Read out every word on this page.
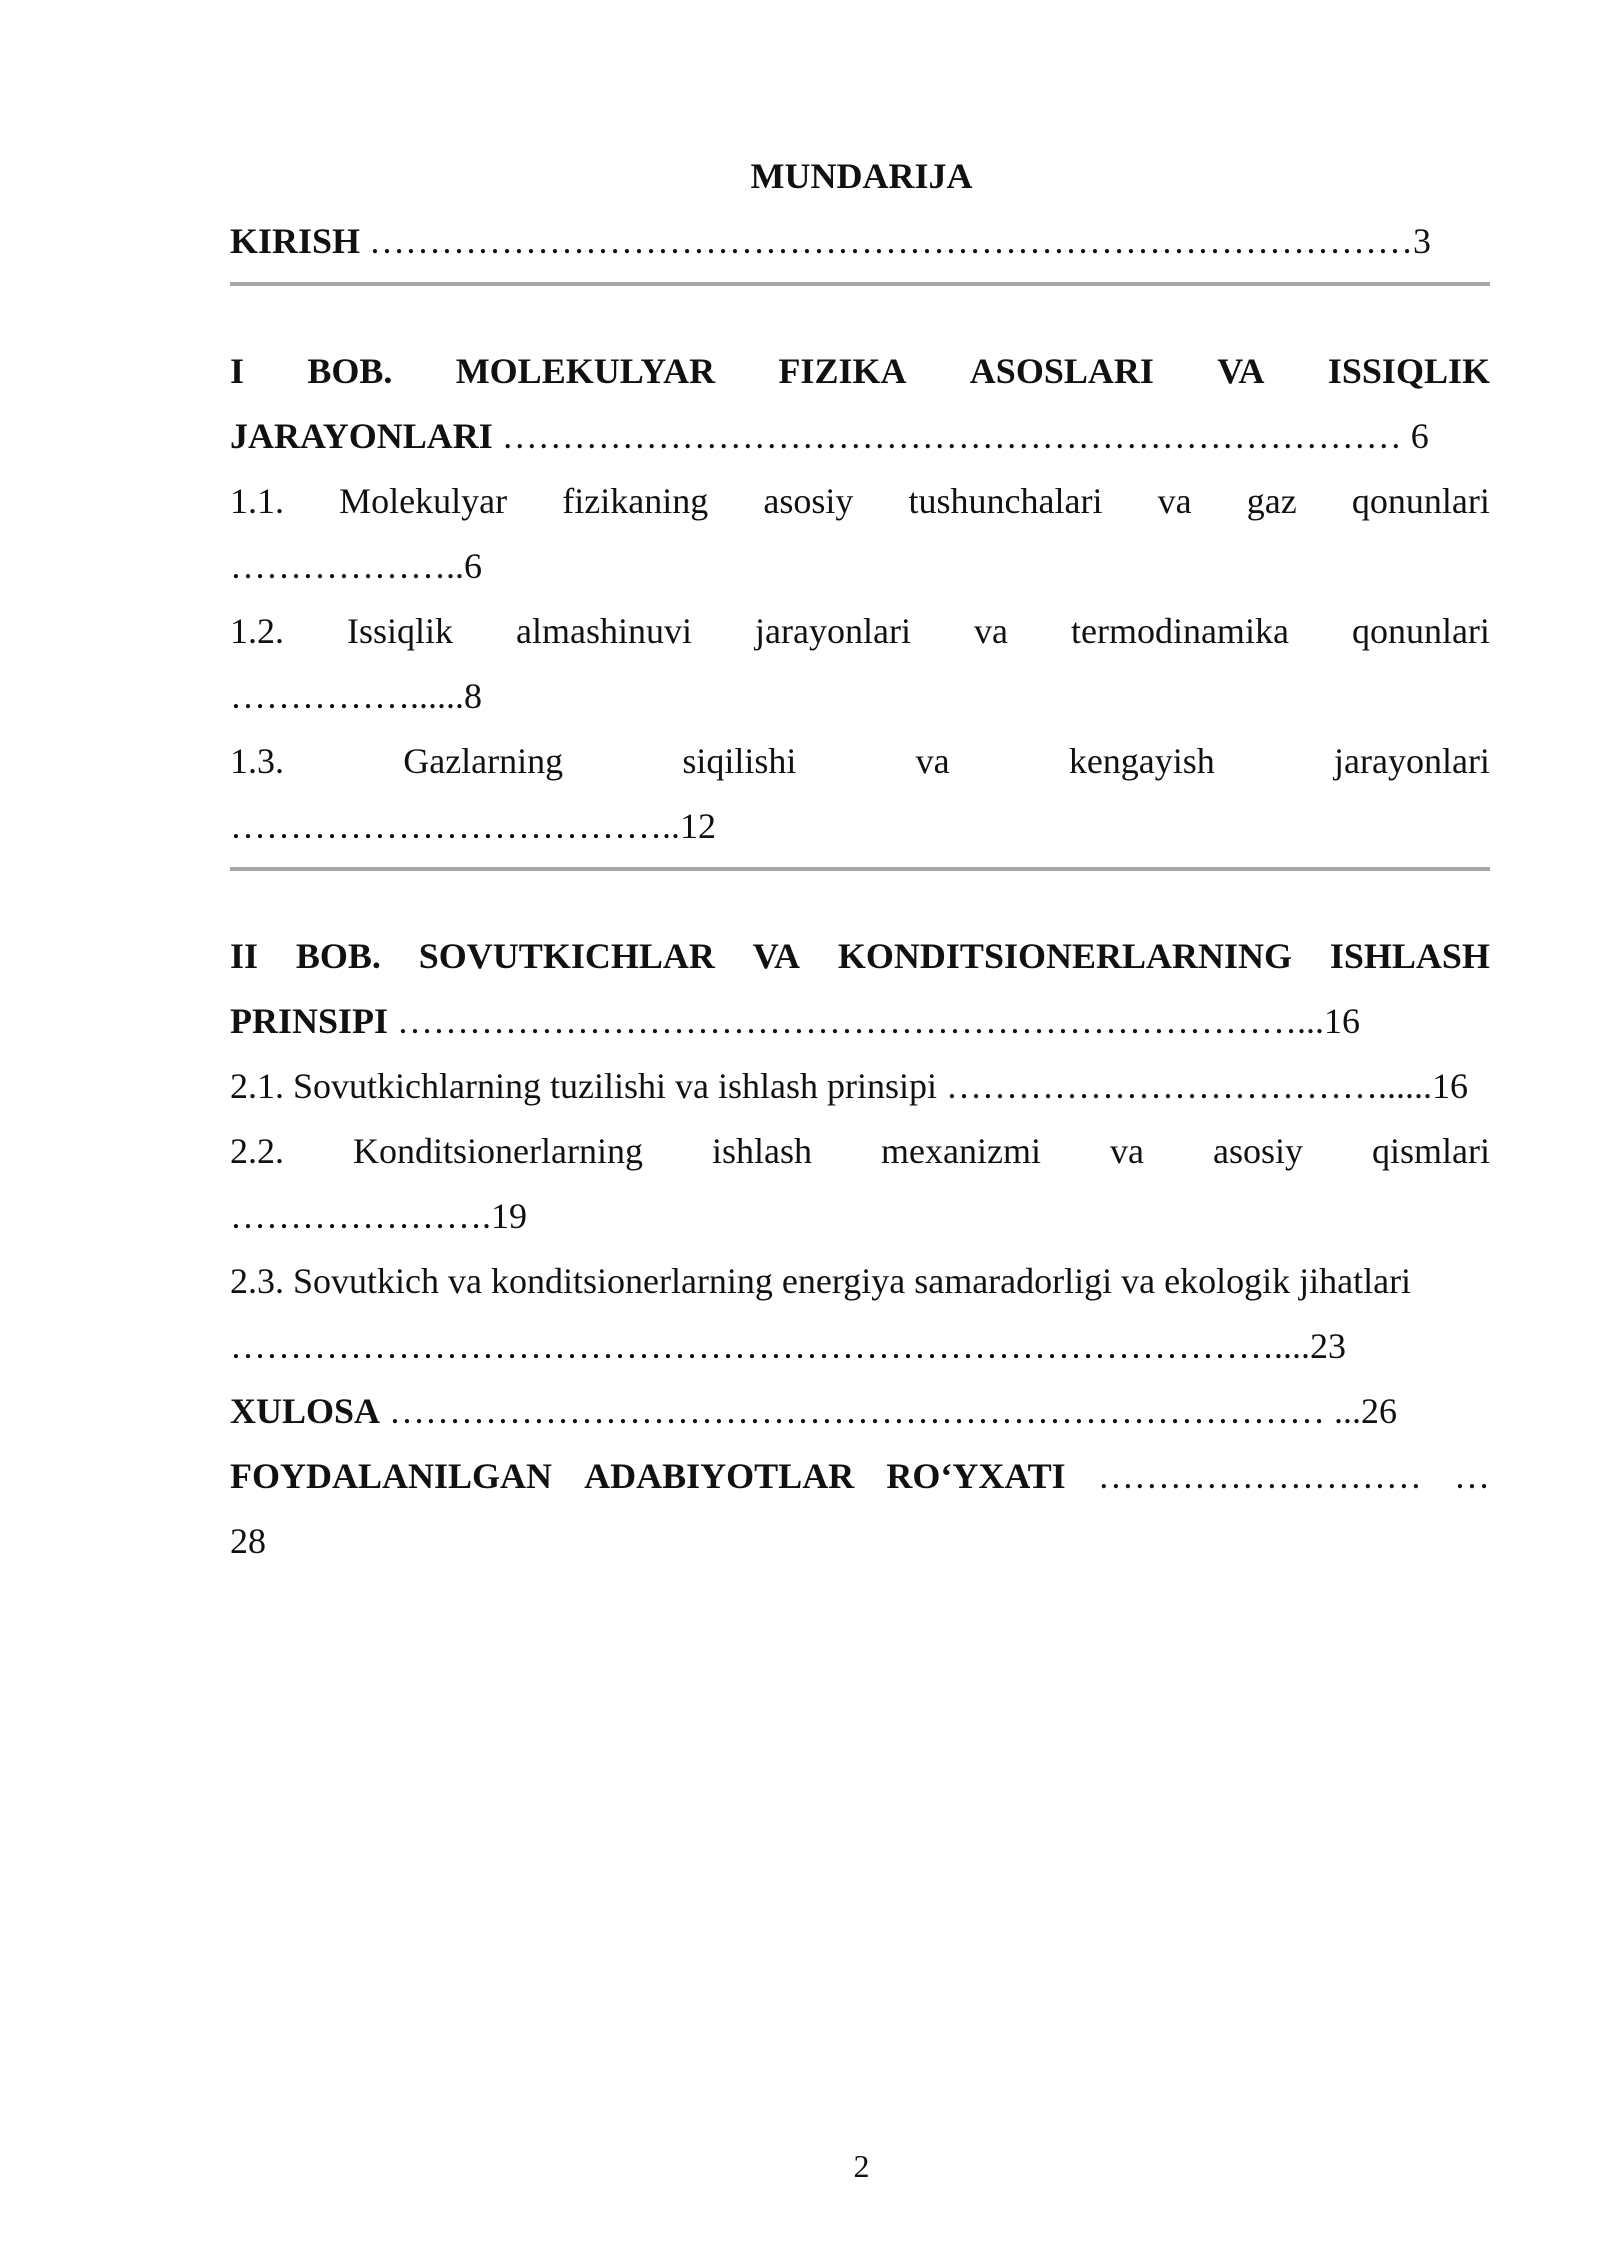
MUNDARIJA
KIRISH ……………………………………………………………………………3
I BOB. MOLEKULYAR FIZIKA ASOSLARI VA ISSIQLIK
JARAYONLARI ………………………………………………………………… 6
1.1. Molekulyar fizikaning asosiy tushunchalari va gaz qonunlari
………………..6
1.2. Issiqlik almashinuvi jarayonlari va termodinamika qonunlari
……………......8
1.3.	Gazlarning	siqilishi	va	kengayish	jarayonlari
………………………………..12
II BOB. SOVUTKICHLAR VA KONDITSIONERLARNING ISHLASH
PRINSIPI …………………………………………………………………...16
2.1. Sovutkichlarning tuzilishi va ishlash prinsipi ………………………………......16
2.2. Konditsionerlarning ishlash mexanizmi va asosiy qismlari
………………….19
2.3. Sovutkich va konditsionerlarning energiya samaradorligi va ekologik jihatlari
……………………………………………………………………………....23
XULOSA …………………………………………………………………… ...26
FOYDALANILGAN ADABIYOTLAR RO‘YXATI ……………………… …
28
2
